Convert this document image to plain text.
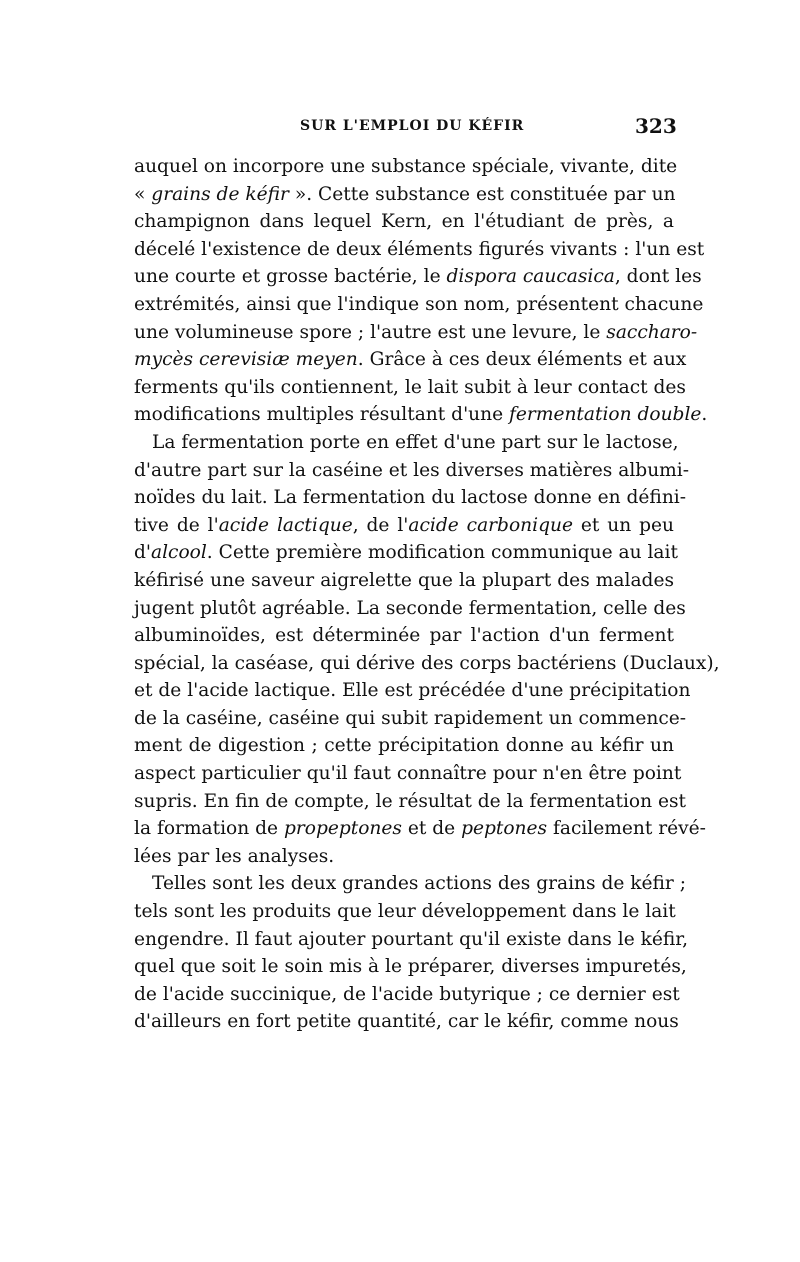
SUR L'EMPLOI DU KÉFIR	323
auquel on incorpore une substance spéciale, vivante, dite
« grains de kéfir ». Cette substance est constituée par un
champignon dans lequel Kern, en l'étudiant de près, a
décelé l'existence de deux éléments figurés vivants : l'un est
une courte et grosse bactérie, le dispora caucasica, dont les
extrémités, ainsi que l'indique son nom, présentent chacune
une volumineuse spore ; l'autre est une levure, le saccharo-
mycès cerevisiæ meyen. Grâce à ces deux éléments et aux
ferments qu'ils contiennent, le lait subit à leur contact des
modifications multiples résultant d'une fermentation double.
La fermentation porte en effet d'une part sur le lactose,
d'autre part sur la caséine et les diverses matières albumi-
noïdes du lait. La fermentation du lactose donne en défini-
tive de l'acide lactique, de l'acide carbonique et un peu
d'alcool. Cette première modification communique au lait
kéfirisé une saveur aigrelette que la plupart des malades
jugent plutôt agréable. La seconde fermentation, celle des
albuminoïdes, est déterminée par l'action d'un ferment
spécial, la caséase, qui dérive des corps bactériens (Duclaux),
et de l'acide lactique. Elle est précédée d'une précipitation
de la caséine, caséine qui subit rapidement un commence-
ment de digestion ; cette précipitation donne au kéfir un
aspect particulier qu'il faut connaître pour n'en être point
supris. En fin de compte, le résultat de la fermentation est
la formation de propeptones et de peptones facilement révé-
lées par les analyses.
Telles sont les deux grandes actions des grains de kéfir ;
tels sont les produits que leur développement dans le lait
engendre. Il faut ajouter pourtant qu'il existe dans le kéfir,
quel que soit le soin mis à le préparer, diverses impuretés,
de l'acide succinique, de l'acide butyrique ; ce dernier est
d'ailleurs en fort petite quantité, car le kéfir, comme nous
